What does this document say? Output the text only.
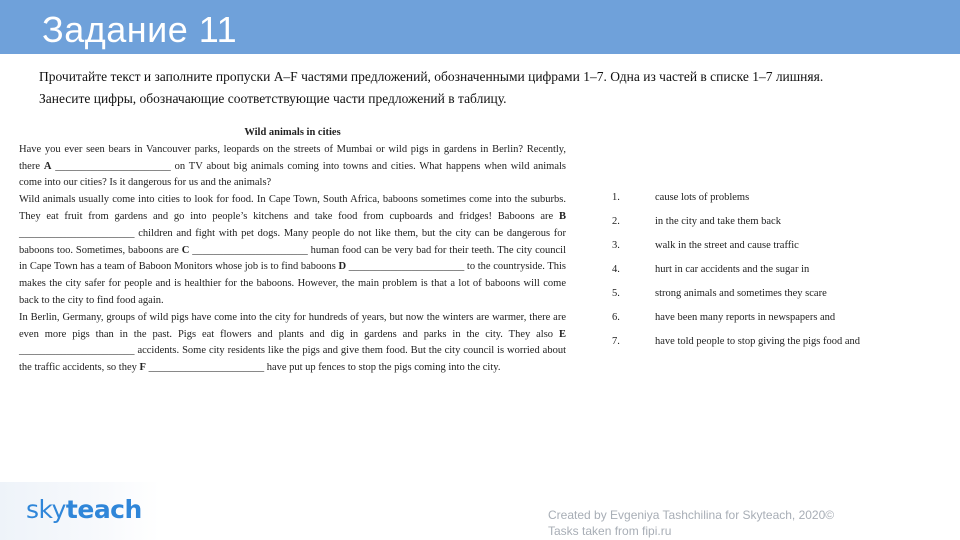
Задание 11

Прочитайте текст и заполните пропуски A–F частями предложений, обозначенными цифрами 1–7. Одна из частей в списке 1–7 лишняя.

Занесите цифры, обозначающие соответствующие части предложений в таблицу.

Wild animals in cities
Have you ever seen bears in Vancouver parks, leopards on the streets of Mumbai or wild pigs in gardens in Berlin? Recently, there A ______________________ on TV about big animals coming into towns and cities. What happens when wild animals come into our cities? Is it dangerous for us and the animals?
Wild animals usually come into cities to look for food. In Cape Town, South Africa, baboons sometimes come into the suburbs. They eat fruit from gardens and go into people’s kitchens and take food from cupboards and fridges! Baboons are B ______________________ children and fight with pet dogs. Many people do not like them, but the city can be dangerous for baboons too. Sometimes, baboons are C ______________________ human food can be very bad for their teeth. The city council in Cape Town has a team of Baboon Monitors whose job is to find baboons D ______________________ to the countryside. This makes the city safer for people and is healthier for the baboons. However, the main problem is that a lot of baboons will come back to the city to find food again.
In Berlin, Germany, groups of wild pigs have come into the city for hundreds of years, but now the winters are warmer, there are even more pigs than in the past. Pigs eat flowers and plants and dig in gardens and parks in the city. They also E ______________________ accidents. Some city residents like the pigs and give them food. But the city council is worried about the traffic accidents, so they F ______________________ have put up fences to stop the pigs coming into the city.
1.	cause lots of problems
2.	in the city and take them back
3.	walk in the street and cause traffic
4.	hurt in car accidents and the sugar in
5.	strong animals and sometimes they scare
6.	have been many reports in newspapers and
7.	have told people to stop giving the pigs food and
skyteach	Created by Evgeniya Tashchilina for Skyteach, 2020©
Tasks taken from fipi.ru
